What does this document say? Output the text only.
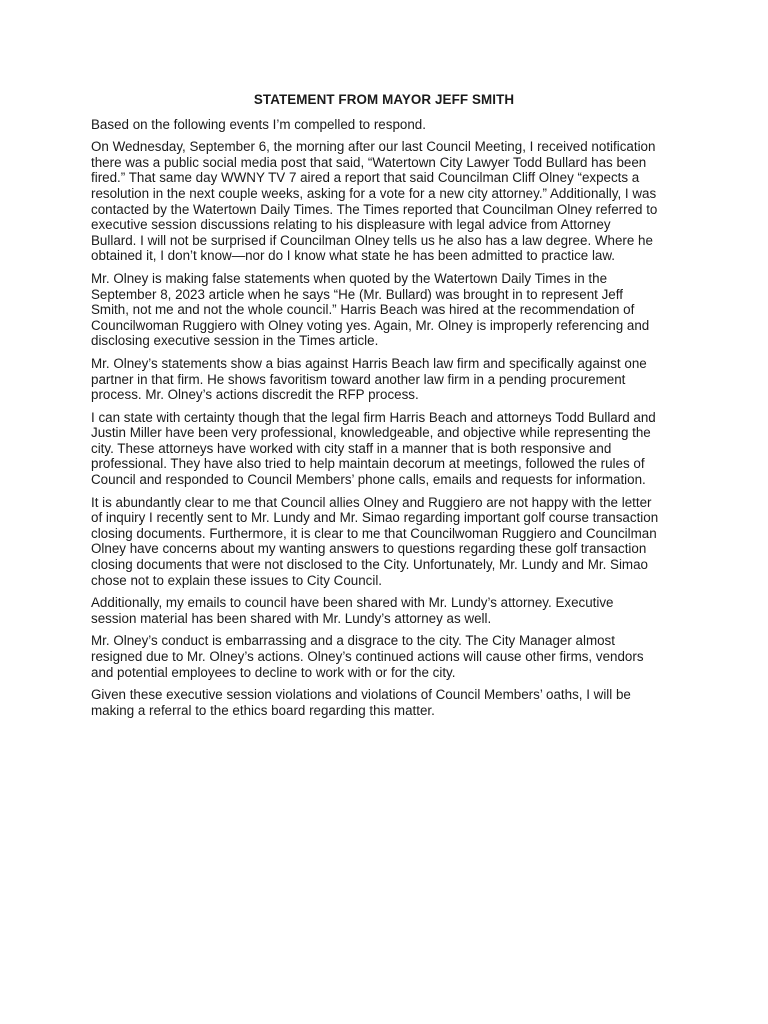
STATEMENT FROM MAYOR JEFF SMITH
Based on the following events I’m compelled to respond.
On Wednesday, September 6, the morning after our last Council Meeting, I received notification
there was a public social media post that said, “Watertown City Lawyer Todd Bullard has been
fired.” That same day WWNY TV 7 aired a report that said Councilman Cliff Olney “expects a
resolution in the next couple weeks, asking for a vote for a new city attorney.” Additionally, I was
contacted by the Watertown Daily Times. The Times reported that Councilman Olney referred to
executive session discussions relating to his displeasure with legal advice from Attorney
Bullard. I will not be surprised if Councilman Olney tells us he also has a law degree. Where he
obtained it, I don’t know—nor do I know what state he has been admitted to practice law.
Mr. Olney is making false statements when quoted by the Watertown Daily Times in the
September 8, 2023 article when he says “He (Mr. Bullard) was brought in to represent Jeff
Smith, not me and not the whole council.” Harris Beach was hired at the recommendation of
Councilwoman Ruggiero with Olney voting yes. Again, Mr. Olney is improperly referencing and
disclosing executive session in the Times article.
Mr. Olney’s statements show a bias against Harris Beach law firm and specifically against one
partner in that firm. He shows favoritism toward another law firm in a pending procurement
process. Mr. Olney’s actions discredit the RFP process.
I can state with certainty though that the legal firm Harris Beach and attorneys Todd Bullard and
Justin Miller have been very professional, knowledgeable, and objective while representing the
city. These attorneys have worked with city staff in a manner that is both responsive and
professional. They have also tried to help maintain decorum at meetings, followed the rules of
Council and responded to Council Members’ phone calls, emails and requests for information.
It is abundantly clear to me that Council allies Olney and Ruggiero are not happy with the letter
of inquiry I recently sent to Mr. Lundy and Mr. Simao regarding important golf course transaction
closing documents. Furthermore, it is clear to me that Councilwoman Ruggiero and Councilman
Olney have concerns about my wanting answers to questions regarding these golf transaction
closing documents that were not disclosed to the City. Unfortunately, Mr. Lundy and Mr. Simao
chose not to explain these issues to City Council.
Additionally, my emails to council have been shared with Mr. Lundy’s attorney. Executive
session material has been shared with Mr. Lundy’s attorney as well.
Mr. Olney’s conduct is embarrassing and a disgrace to the city. The City Manager almost
resigned due to Mr. Olney’s actions. Olney’s continued actions will cause other firms, vendors
and potential employees to decline to work with or for the city.
Given these executive session violations and violations of Council Members’ oaths, I will be
making a referral to the ethics board regarding this matter.
